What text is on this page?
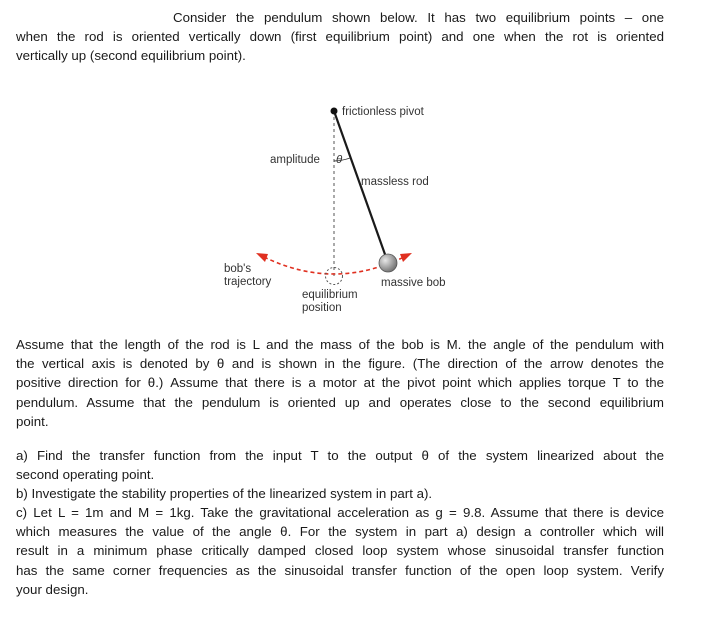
Consider the pendulum shown below. It has two equilibrium points – one
when the rod is oriented vertically down (first equilibrium point) and one when the rot is oriented
vertically up (second equilibrium point).
frictionless pivot
amplitude θ
massless rod
bob's
trajectory	massive bob
equilibrium
position
Assume that the length of the rod is L and the mass of the bob is M. the angle of the pendulum with
the vertical axis is denoted by θ and is shown in the figure. (The direction of the arrow denotes the
positive direction for θ.) Assume that there is a motor at the pivot point which applies torque T to the
pendulum. Assume that the pendulum is oriented up and operates close to the second equilibrium
point.
a) Find the transfer function from the input T to the output θ of the system linearized about the
second operating point.
b) Investigate the stability properties of the linearized system in part a).
c) Let L = 1m and M = 1kg. Take the gravitational acceleration as g = 9.8. Assume that there is device
which measures the value of the angle θ. For the system in part a) design a controller which will
result in a minimum phase critically damped closed loop system whose sinusoidal transfer function
has the same corner frequencies as the sinusoidal transfer function of the open loop system. Verify
your design.
